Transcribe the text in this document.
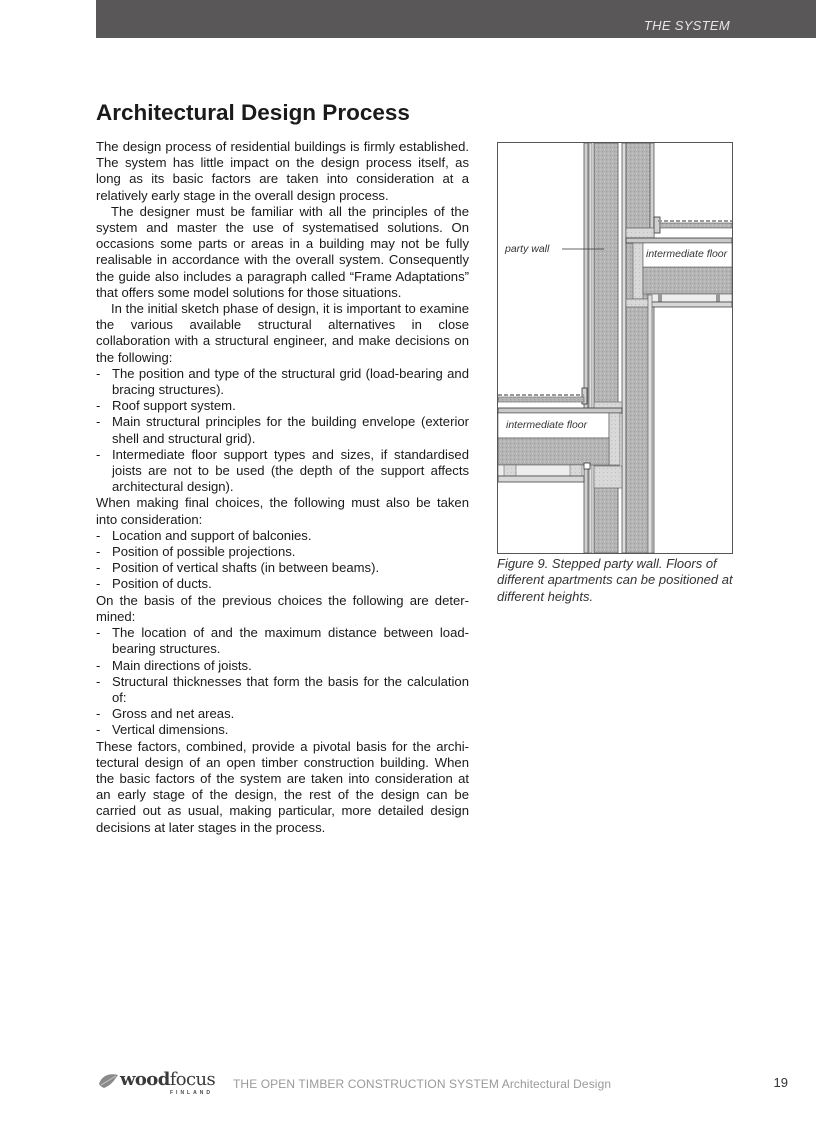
THE SYSTEM
Architectural Design Process

The design process of residential buildings is firmly established. The system has little impact on the design process itself, as long as its basic factors are taken into consideration at a relatively early stage in the overall design process.

The designer must be familiar with all the principles of the system and master the use of systematised solutions. On occasions some parts or areas in a building may not be fully realisable in accordance with the overall system. Consequently the guide also includes a paragraph called “Frame Adaptations” that offers some model solutions for those situations.

In the initial sketch phase of design, it is important to examine the various available structural alternatives in close collaboration with a structural engineer, and make decisions on the following:

- The position and type of the structural grid (load-bearing and bracing structures).
- Roof support system.
- Main structural principles for the building envelope (exterior shell and structural grid).
- Intermediate floor support types and sizes, if standardised joists are not to be used (the depth of the support affects architectural design).

When making final choices, the following must also be taken into consideration:

- Location and support of balconies.
- Position of possible projections.
- Position of vertical shafts (in between beams).
- Position of ducts.

On the basis of the previous choices the following are deter-mined:

- The location of and the maximum distance between load-bearing structures.
- Main directions of joists.
- Structural thicknesses that form the basis for the calculation of:
- Gross and net areas.
- Vertical dimensions.

These factors, combined, provide a pivotal basis for the archi-tectural design of an open timber construction building. When the basic factors of the system are taken into consideration at an early stage of the design, the rest of the design can be carried out as usual, making particular, more detailed design decisions at later stages in the process.

party wall	intermediate floor
intermediate floor
Figure 9. Stepped party wall. Floors of different apartments can be positioned at different heights.
woodfocus
FINLAND
THE OPEN TIMBER CONSTRUCTION SYSTEM Architectural Design	19
